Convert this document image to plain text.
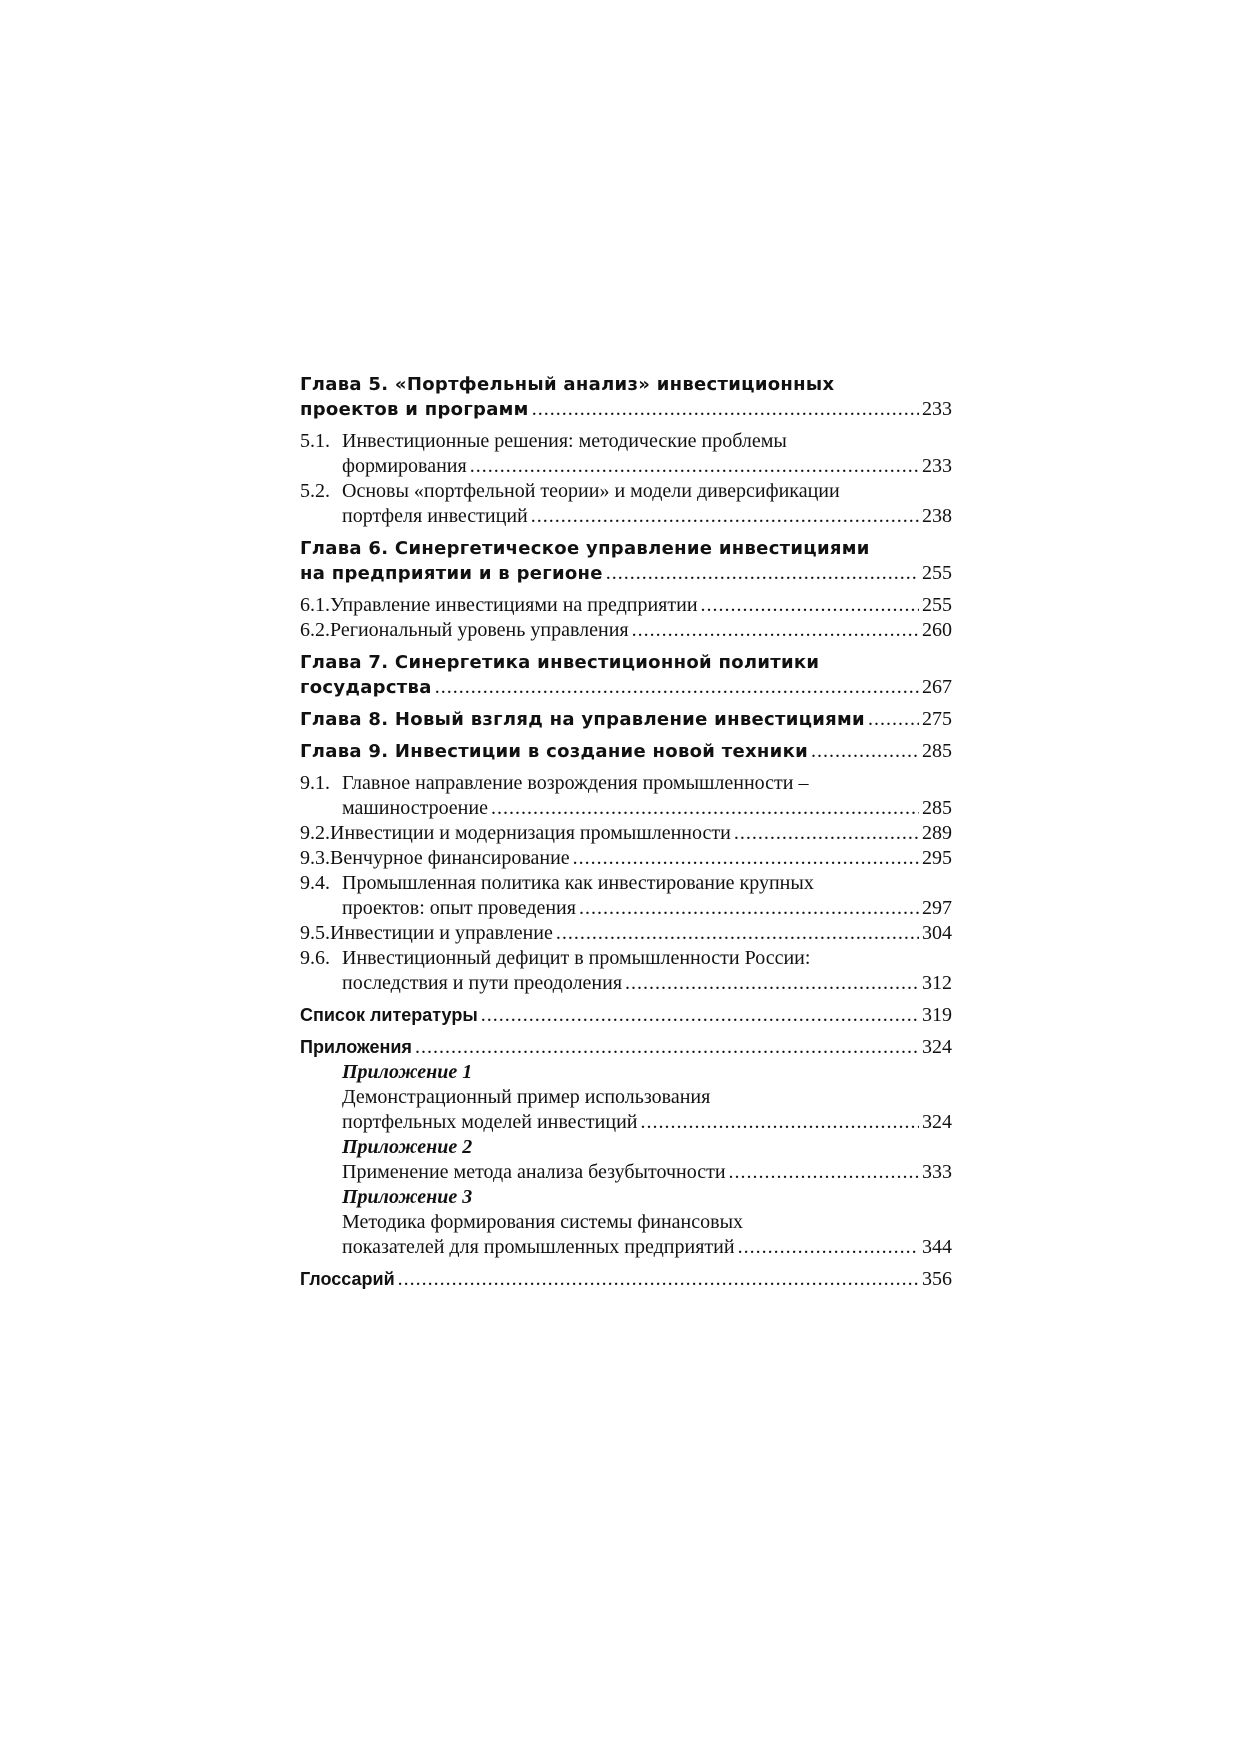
Глава 5. «Портфельный анализ» инвестиционных
проектов и программ .....	233
5.1. Инвестиционные решения: методические проблемы
формирования .....	233
5.2. Основы «портфельной теории» и модели диверсификации
портфеля инвестиций .....	238
Глава 6. Синергетическое управление инвестициями
на предприятии и в регионе .....	255
6.1. Управление инвестициями на предприятии .....	255
6.2. Региональный уровень управления .....	260
Глава 7. Синергетика инвестиционной политики
государства .....	267
Глава 8. Новый взгляд на управление инвестициями .....	275
Глава 9. Инвестиции в создание новой техники .....	285
9.1. Главное направление возрождения промышленности –
машиностроение .....	285
9.2. Инвестиции и модернизация промышленности .....	289
9.3. Венчурное финансирование .....	295
9.4. Промышленная политика как инвестирование крупных
проектов: опыт проведения .....	297
9.5. Инвестиции и управление .....	304
9.6. Инвестиционный дефицит в промышленности России:
последствия и пути преодоления .....	312
Список литературы .....	319
Приложения .....	324
Приложение 1
Демонстрационный пример использования
портфельных моделей инвестиций .....	324
Приложение 2
Применение метода анализа безубыточности .....	333
Приложение 3
Методика формирования системы финансовых
показателей для промышленных предприятий .....	344
Глоссарий .....	356
